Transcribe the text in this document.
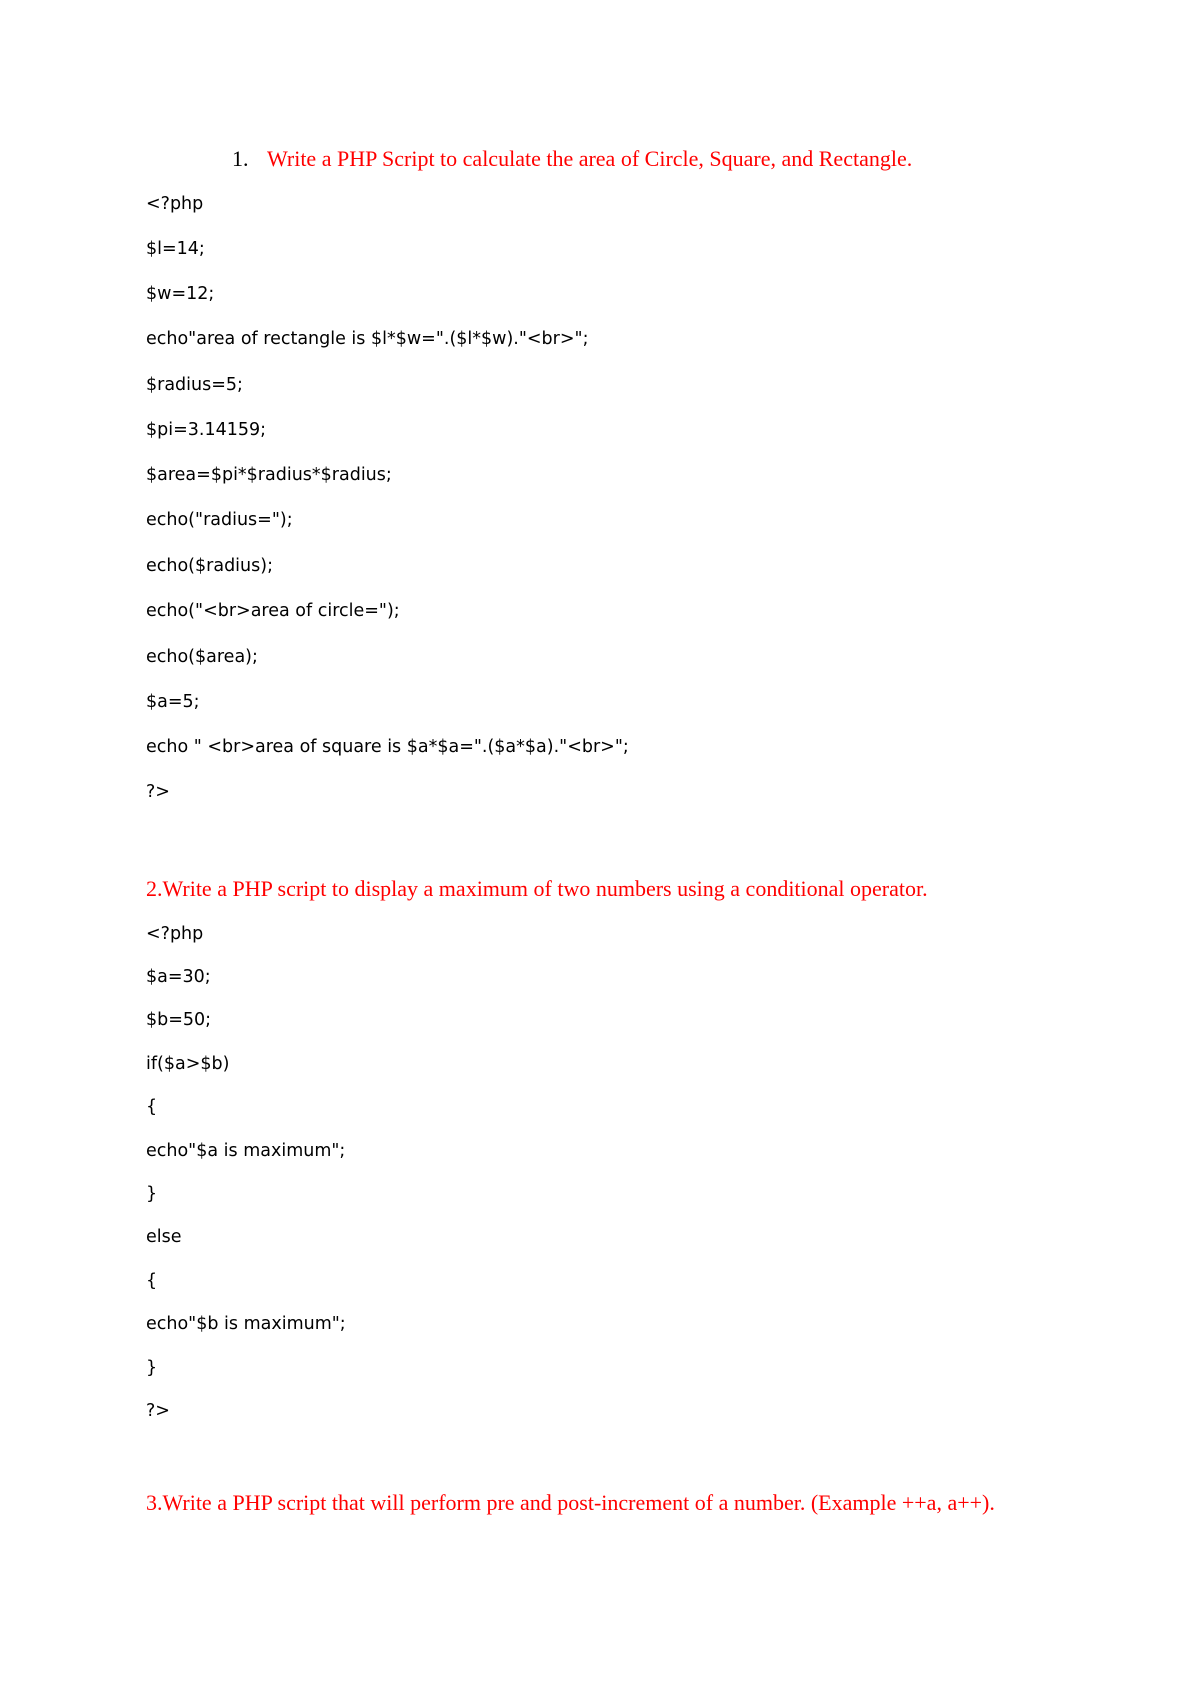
1. Write a PHP Script to calculate the area of Circle, Square, and Rectangle.

<?php

$l=14;

$w=12;

echo"area of rectangle is $l*$w=".($l*$w)."<br>";

$radius=5;

$pi=3.14159;

$area=$pi*$radius*$radius;

echo("radius=");

echo($radius);

echo("<br>area of circle=");

echo($area);

$a=5;

echo " <br>area of square is $a*$a=".($a*$a)."<br>";

?>

2.Write a PHP script to display a maximum of two numbers using a conditional operator.

<?php

$a=30;

$b=50;

if($a>$b)

{

echo"$a is maximum";

}

else

{

echo"$b is maximum";

}

?>

3.Write a PHP script that will perform pre and post-increment of a number. (Example ++a, a++).
